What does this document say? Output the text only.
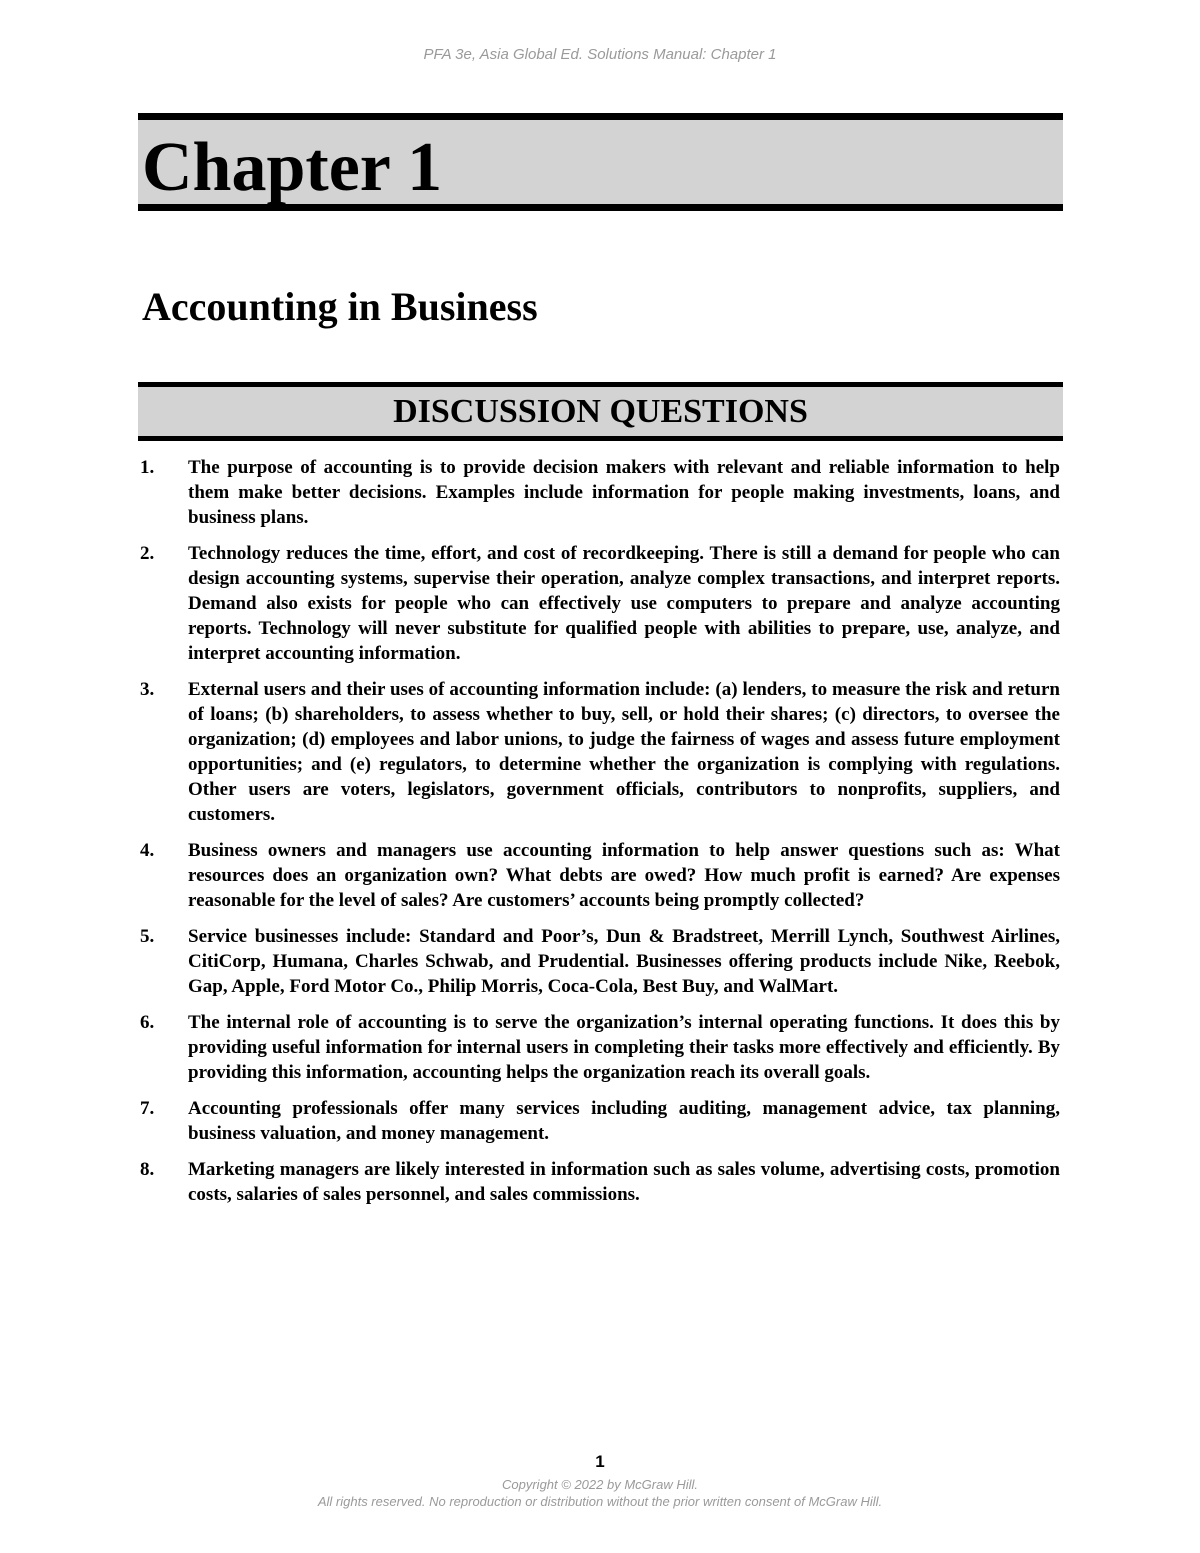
PFA 3e, Asia Global Ed. Solutions Manual: Chapter 1
Chapter 1
Accounting in Business
DISCUSSION QUESTIONS
1.	The purpose of accounting is to provide decision makers with relevant and reliable information to help them make better decisions. Examples include information for people making investments, loans, and business plans.
2.	Technology reduces the time, effort, and cost of recordkeeping. There is still a demand for people who can design accounting systems, supervise their operation, analyze complex transactions, and interpret reports. Demand also exists for people who can effectively use computers to prepare and analyze accounting reports. Technology will never substitute for qualified people with abilities to prepare, use, analyze, and interpret accounting information.
3.	External users and their uses of accounting information include: (a) lenders, to measure the risk and return of loans; (b) shareholders, to assess whether to buy, sell, or hold their shares; (c) directors, to oversee the organization; (d) employees and labor unions, to judge the fairness of wages and assess future employment opportunities; and (e) regulators, to determine whether the organization is complying with regulations. Other users are voters, legislators, government officials, contributors to nonprofits, suppliers, and customers.
4.	Business owners and managers use accounting information to help answer questions such as: What resources does an organization own? What debts are owed? How much profit is earned? Are expenses reasonable for the level of sales? Are customers’ accounts being promptly collected?
5.	Service businesses include: Standard and Poor’s, Dun & Bradstreet, Merrill Lynch, Southwest Airlines, CitiCorp, Humana, Charles Schwab, and Prudential. Businesses offering products include Nike, Reebok, Gap, Apple, Ford Motor Co., Philip Morris, Coca-Cola, Best Buy, and WalMart.
6.	The internal role of accounting is to serve the organization’s internal operating functions. It does this by providing useful information for internal users in completing their tasks more effectively and efficiently. By providing this information, accounting helps the organization reach its overall goals.
7.	Accounting professionals offer many services including auditing, management advice, tax planning, business valuation, and money management.
8.	Marketing managers are likely interested in information such as sales volume, advertising costs, promotion costs, salaries of sales personnel, and sales commissions.
1
Copyright © 2022 by McGraw Hill.
All rights reserved. No reproduction or distribution without the prior written consent of McGraw Hill.
